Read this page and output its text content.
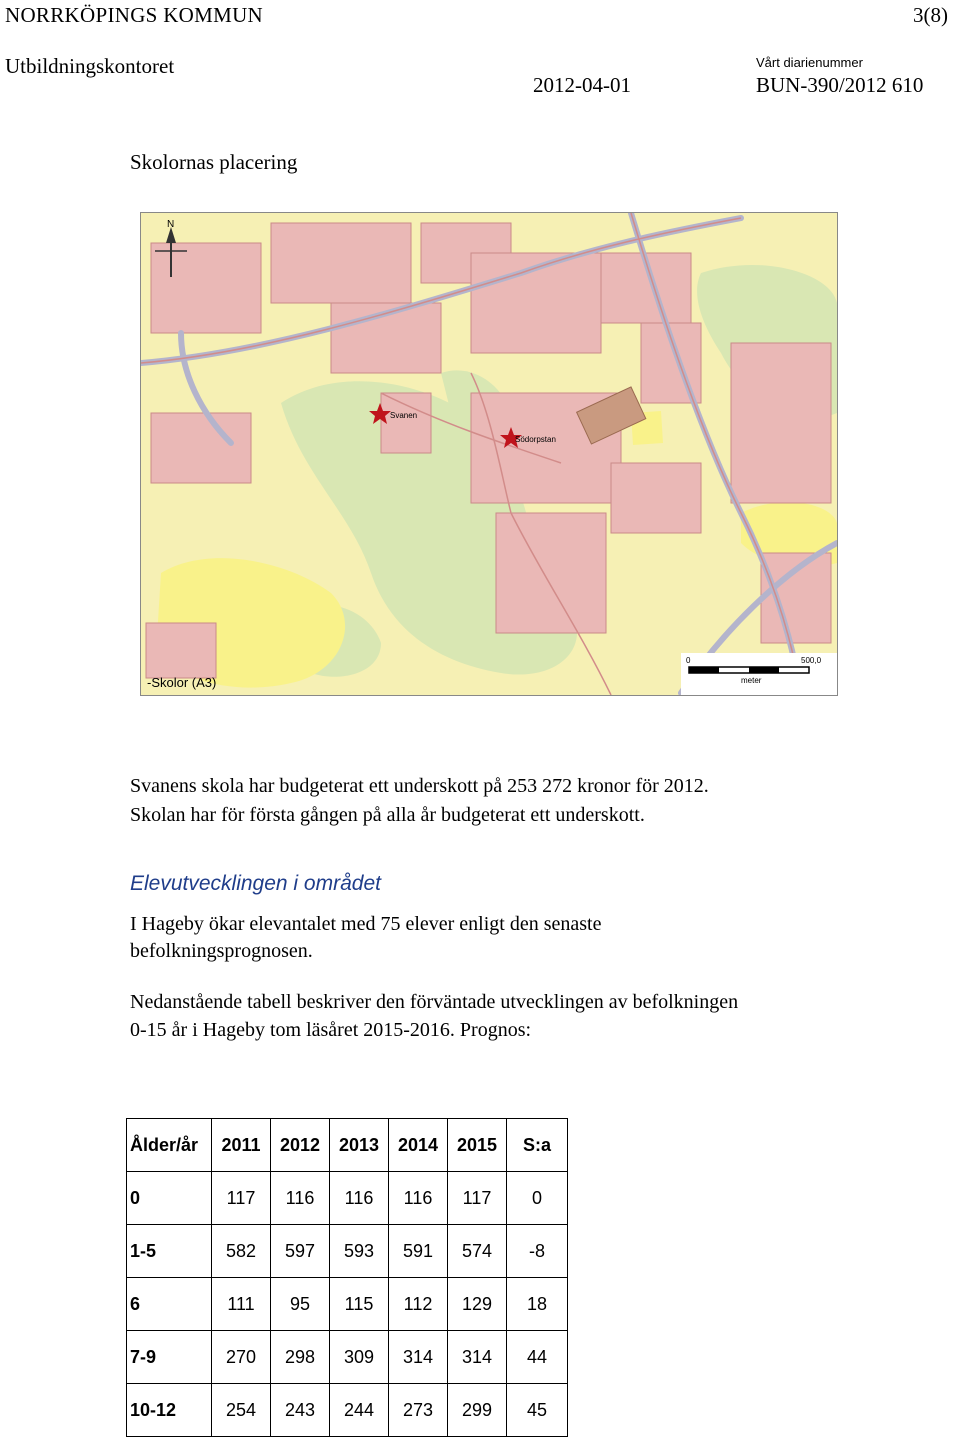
NORRKÖPINGS KOMMUN	3(8)
Utbildningskontoret	Vårt diarienummer
2012-04-01	BUN-390/2012 610
Skolornas placering
N
Svanen
Södorpstan
-Skolor (A3)
0	500,0
meter
Svanens skola har budgeterat ett underskott på 253 272 kronor för 2012.
Skolan har för första gången på alla år budgeterat ett underskott.
Elevutvecklingen i området
I Hageby ökar elevantalet med 75 elever enligt den senaste
befolkningsprognosen.
Nedanstående tabell beskriver den förväntade utvecklingen av befolkningen
0-15 år i Hageby tom läsåret 2015-2016. Prognos:
Ålder/år	2011	2012	2013	2014	2015	S:a
0	117	116	116	116	117	0
1-5	582	597	593	591	574	-8
6	111	95	115	112	129	18
7-9	270	298	309	314	314	44
10-12	254	243	244	273	299	45
